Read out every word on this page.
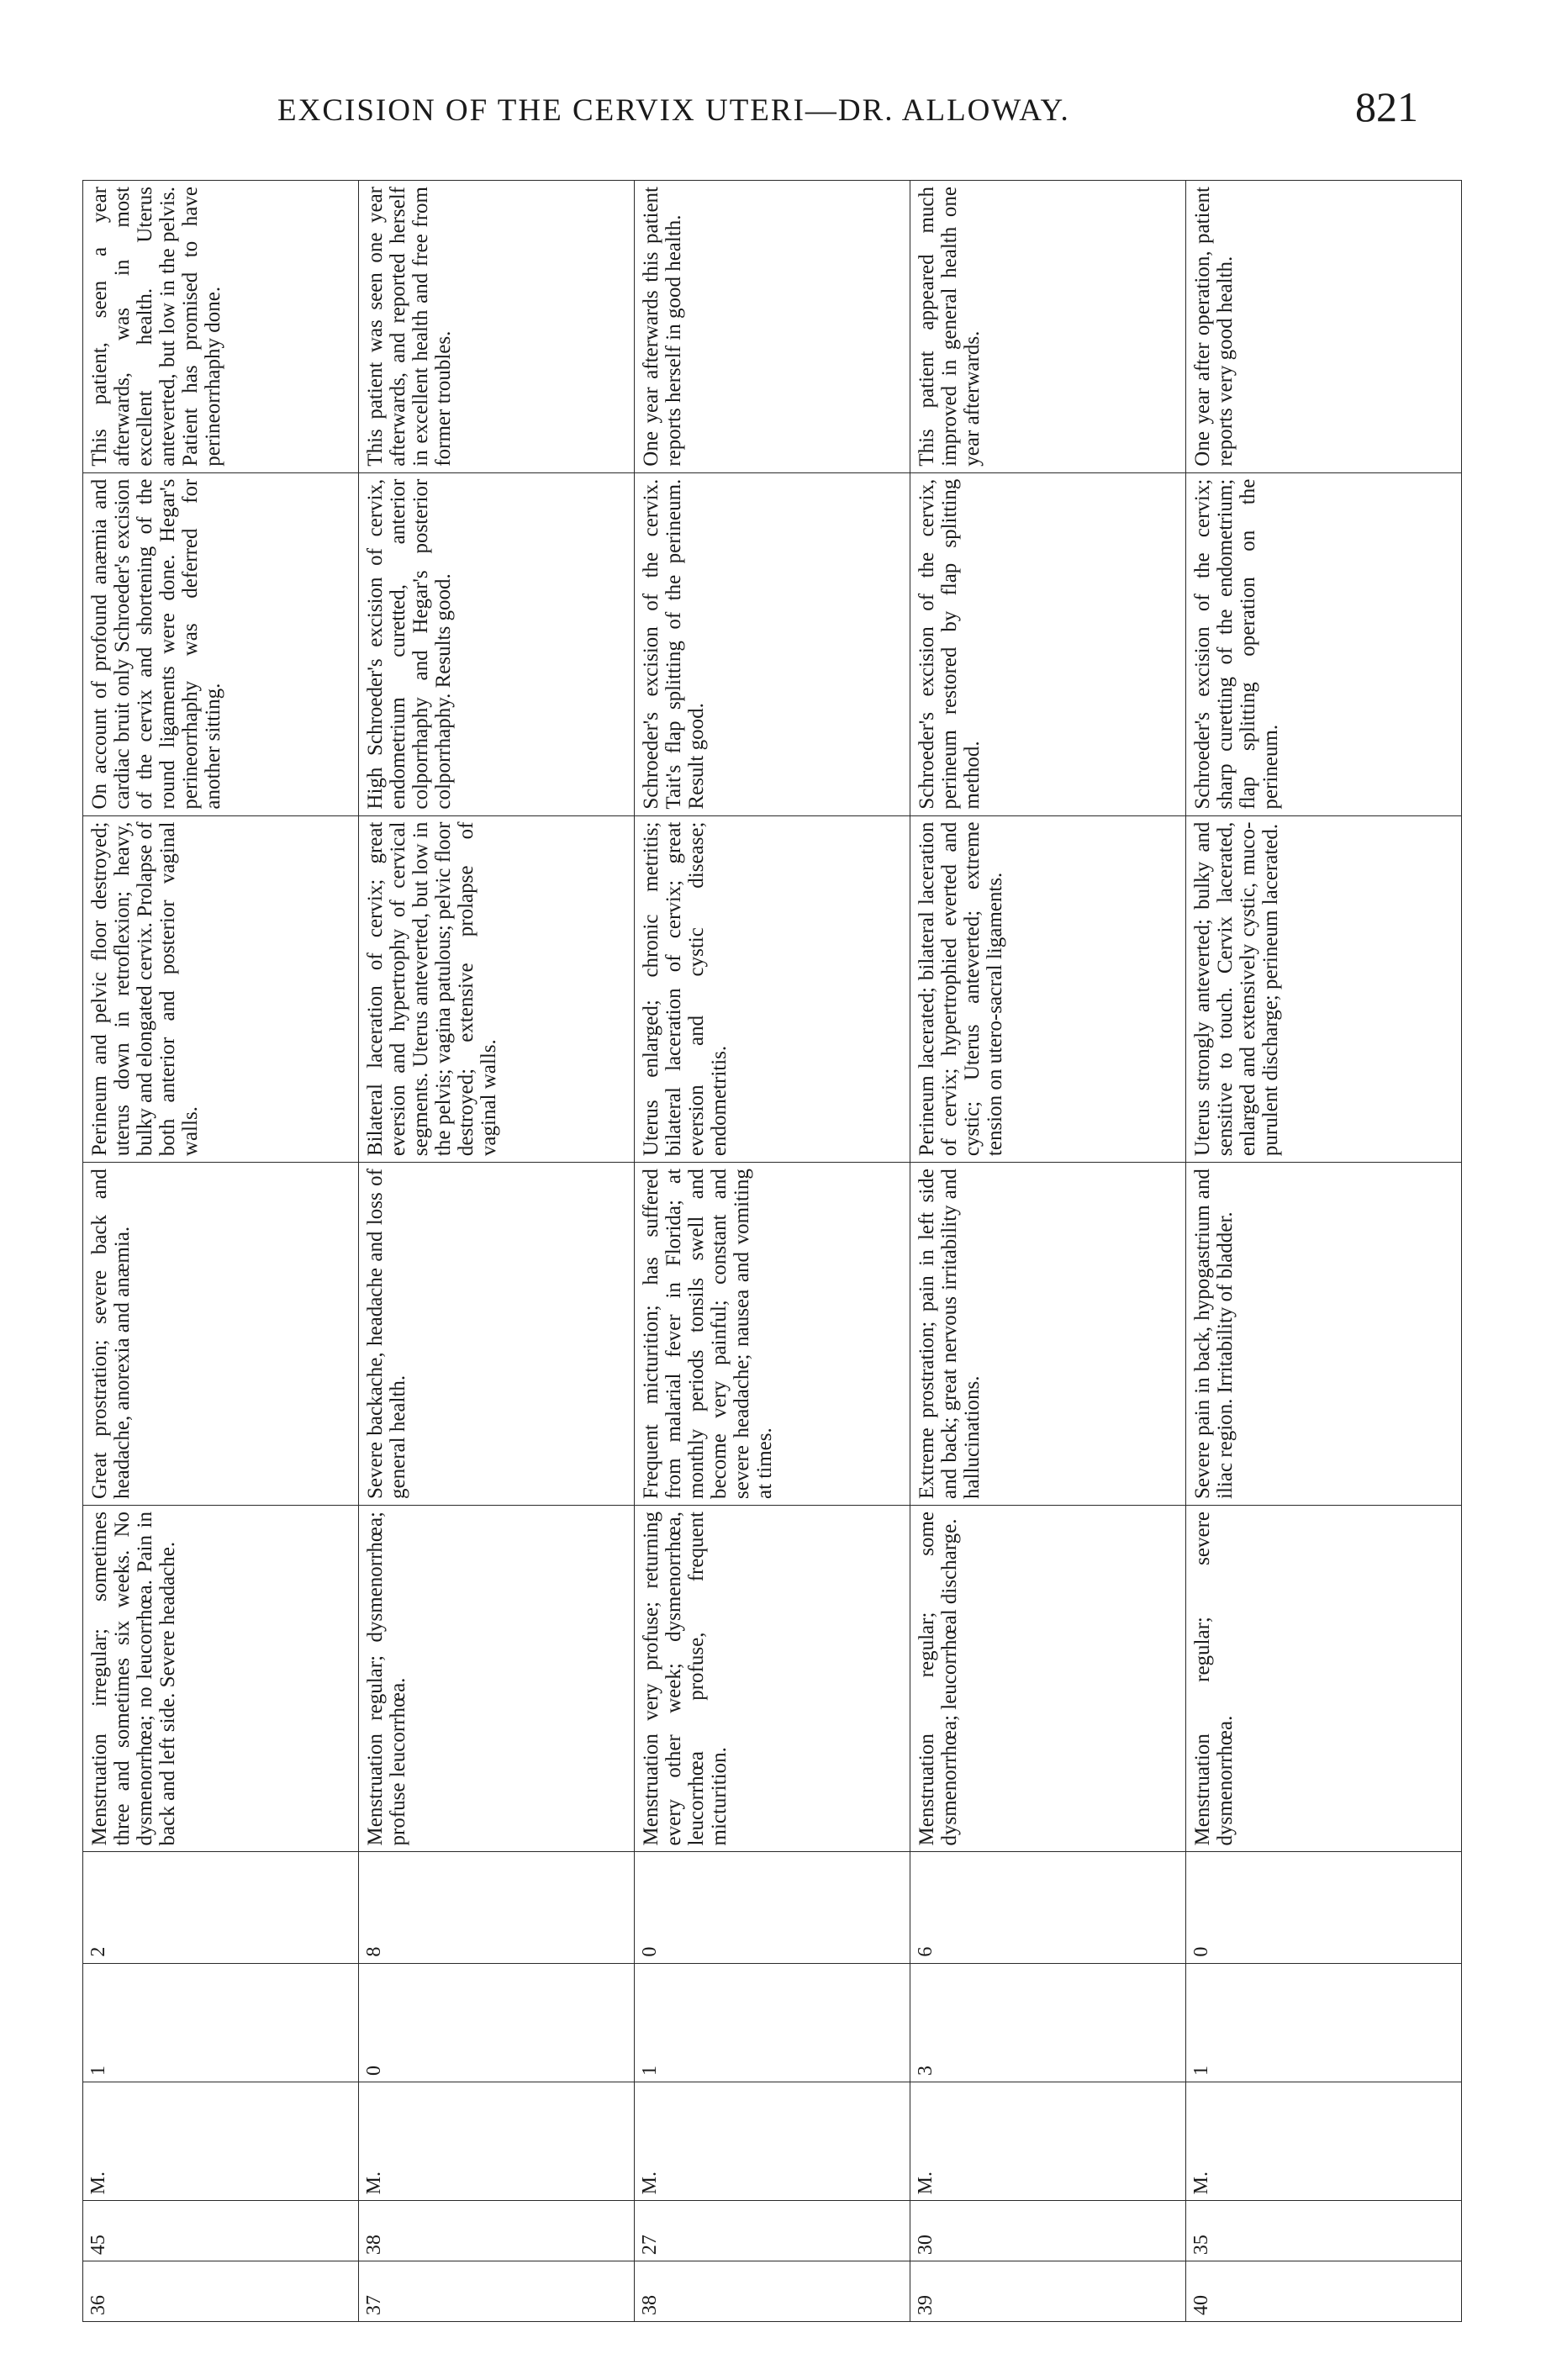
EXCISION OF THE CERVIX UTERI—DR. ALLOWAY.	821
36	45	M.	1	2	Menstruation irregular; sometimes three and sometimes six weeks. No dysmenorrhœa; no leucorrhœa. Pain in back and left side. Severe headache.	Great prostration; severe back and headache, anorexia and anæmia.	Perineum and pelvic floor destroyed; uterus down in retroflexion; heavy, bulky and elongated cervix. Prolapse of both anterior and posterior vaginal walls.	On account of profound anæmia and cardiac bruit only Schroeder's excision of the cervix and shortening of the round ligaments were done. Hegar's perineorrhaphy was deferred for another sitting.	This patient, seen a year afterwards, was in most excellent health. Uterus anteverted, but low in the pelvis. Patient has promised to have perineorrhaphy done.
37	38	M.	0	8	Menstruation regular; dysmenorrhœa; profuse leucorrhœa.	Severe backache, headache and loss of general health.	Bilateral laceration of cervix; great eversion and hypertrophy of cervical segments. Uterus anteverted, but low in the pelvis; vagina patulous; pelvic floor destroyed; extensive prolapse of vaginal walls.	High Schroeder's excision of cervix, endometrium curetted, anterior colporrhaphy and Hegar's posterior colporrhaphy. Results good.	This patient was seen one year afterwards, and reported herself in excellent health and free from former troubles.
38	27	M.	1	0	Menstruation very profuse; returning every other week; dysmenorrhœa, leucorrhœa profuse, frequent micturition.	Frequent micturition; has suffered from malarial fever in Florida; at monthly periods tonsils swell and become very painful; constant and severe headache; nausea and vomiting at times.	Uterus enlarged; chronic metritis; bilateral laceration of cervix; great eversion and cystic disease; endometritis.	Schroeder's excision of the cervix. Tait's flap splitting of the perineum. Result good.	One year afterwards this patient reports herself in good health.
39	30	M.	3	6	Menstruation regular; some dysmenorrhœa; leucorrhœal discharge.	Extreme prostration; pain in left side and back; great nervous irritability and hallucinations.	Perineum lacerated; bilateral laceration of cervix; hypertrophied everted and cystic; Uterus anteverted; extreme tension on utero-sacral ligaments.	Schroeder's excision of the cervix, perineum restored by flap splitting method.	This patient appeared much improved in general health one year afterwards.
40	35	M.	1	0	Menstruation regular; severe dysmenorrhœa.	Severe pain in back, hypogastrium and iliac region. Irritability of bladder.	Uterus strongly anteverted; bulky and sensitive to touch. Cervix lacerated, enlarged and extensively cystic, muco-purulent discharge; perineum lacerated.	Schroeder's excision of the cervix; sharp curetting of the endometrium; flap splitting operation on the perineum.	One year after operation, patient reports very good health.
